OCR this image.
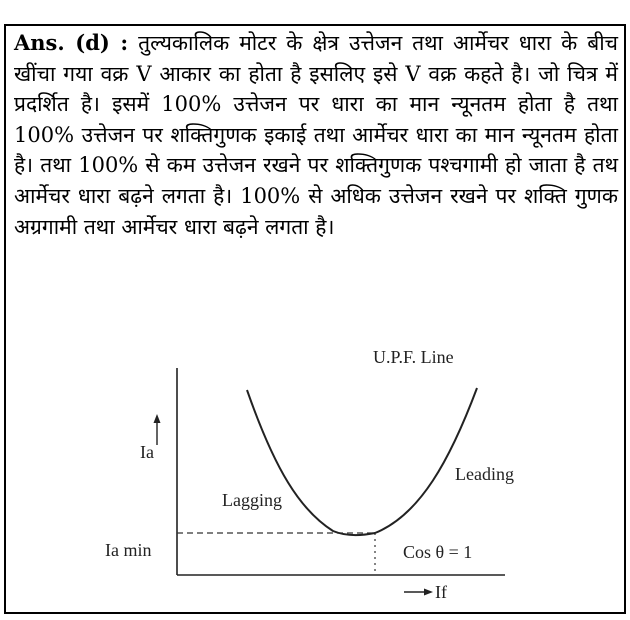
Ans. (d) : तुल्यकालिक मोटर के क्षेत्र उत्तेजन तथा आर्मेचर धारा के बीच खींचा गया वक्र V आकार का होता है इसलिए इसे V वक्र कहते है। जो चित्र में प्रदर्शित है। इसमें 100% उत्तेजन पर धारा का मान न्यूनतम होता है तथा 100% उत्तेजन पर शक्तिगुणक इकाई तथा आर्मेचर धारा का मान न्यूनतम होता है। तथा 100% से कम उत्तेजन रखने पर शक्तिगुणक पश्चगामी हो जाता है तथ आर्मेचर धारा बढ़ने लगता है। 100% से अधिक उत्तेजन रखने पर शक्ति गुणक अग्रगामी तथा आर्मेचर धारा बढ़ने लगता है।
U.P.F. Line
Ia
Ia min
Lagging
Leading
Cos θ = 1
If
